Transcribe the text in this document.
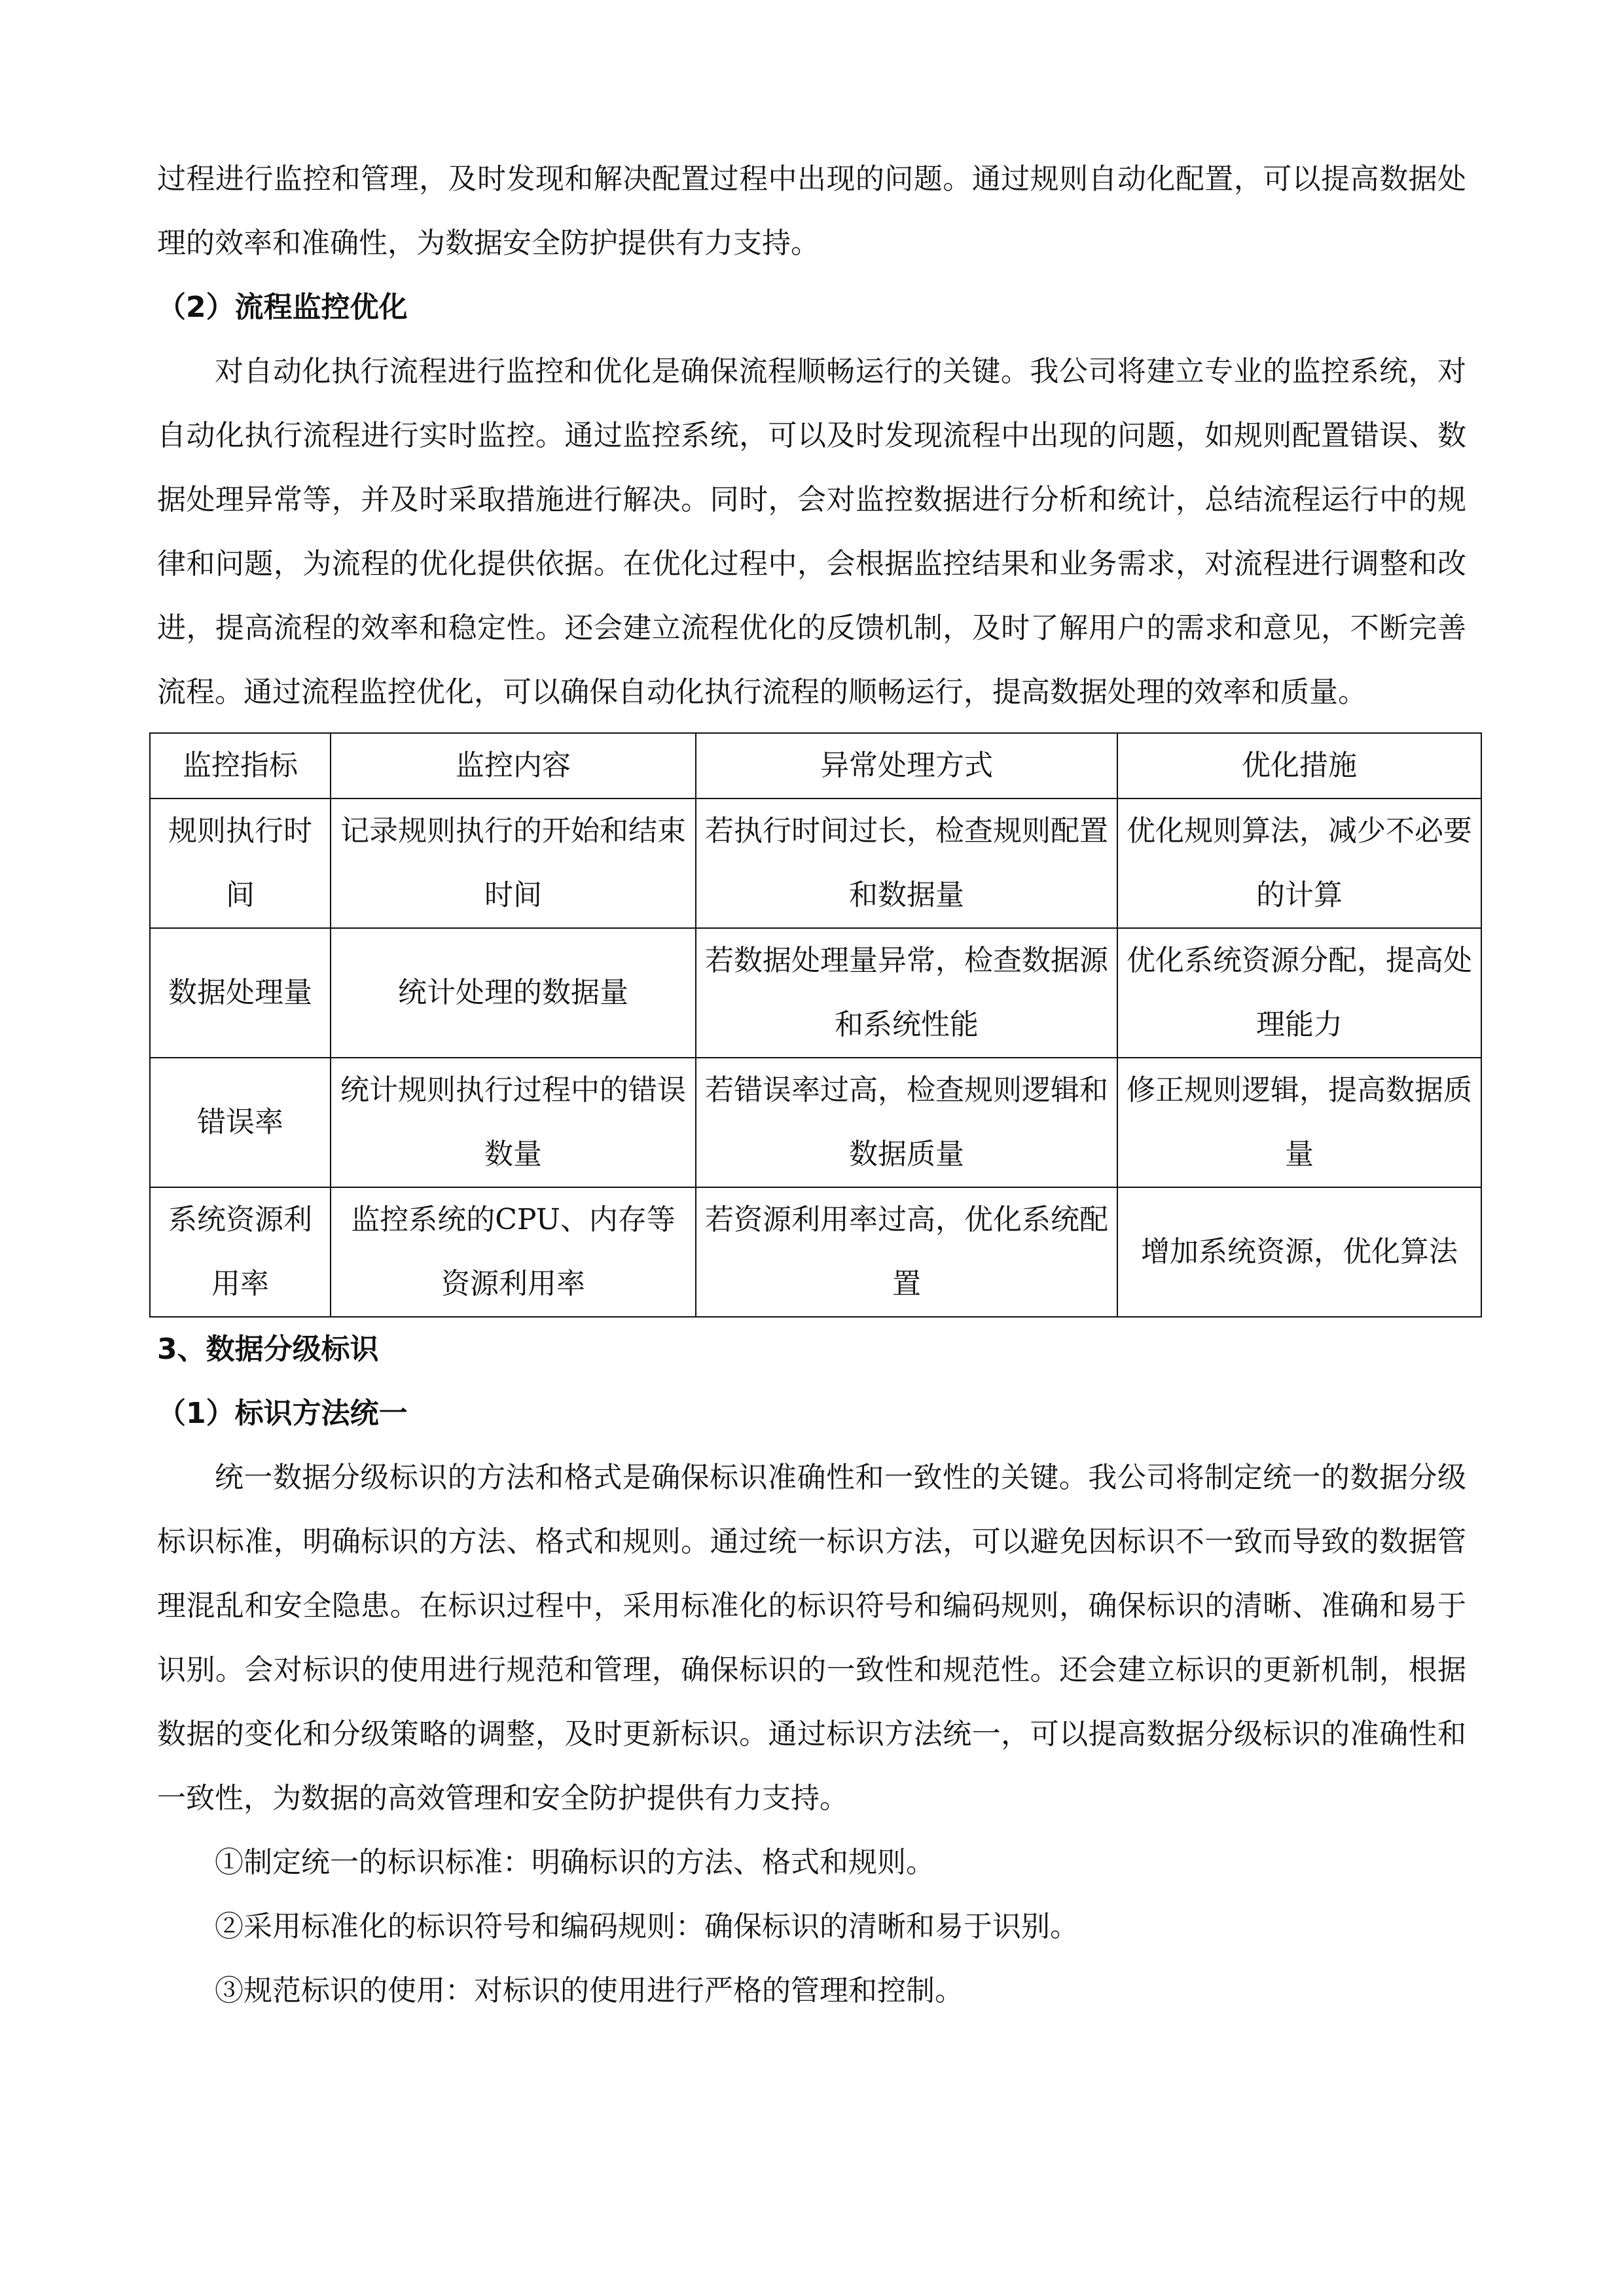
过程进行监控和管理，及时发现和解决配置过程中出现的问题。通过规则自动化配置，可以提高数据处理的效率和准确性，为数据安全防护提供有力支持。

（2）流程监控优化

对自动化执行流程进行监控和优化是确保流程顺畅运行的关键。我公司将建立专业的监控系统，对自动化执行流程进行实时监控。通过监控系统，可以及时发现流程中出现的问题，如规则配置错误、数据处理异常等，并及时采取措施进行解决。同时，会对监控数据进行分析和统计，总结流程运行中的规律和问题，为流程的优化提供依据。在优化过程中，会根据监控结果和业务需求，对流程进行调整和改进，提高流程的效率和稳定性。还会建立流程优化的反馈机制，及时了解用户的需求和意见，不断完善流程。通过流程监控优化，可以确保自动化执行流程的顺畅运行，提高数据处理的效率和质量。

监控指标	监控内容	异常处理方式	优化措施
规则执行时间	记录规则执行的开始和结束时间	若执行时间过长，检查规则配置和数据量	优化规则算法，减少不必要的计算
数据处理量	统计处理的数据量	若数据处理量异常，检查数据源和系统性能	优化系统资源分配，提高处理能力
错误率	统计规则执行过程中的错误数量	若错误率过高，检查规则逻辑和数据质量	修正规则逻辑，提高数据质量
系统资源利用率	监控系统的CPU、内存等资源利用率	若资源利用率过高，优化系统配置	增加系统资源，优化算法

3、数据分级标识

（1）标识方法统一

统一数据分级标识的方法和格式是确保标识准确性和一致性的关键。我公司将制定统一的数据分级标识标准，明确标识的方法、格式和规则。通过统一标识方法，可以避免因标识不一致而导致的数据管理混乱和安全隐患。在标识过程中，采用标准化的标识符号和编码规则，确保标识的清晰、准确和易于识别。会对标识的使用进行规范和管理，确保标识的一致性和规范性。还会建立标识的更新机制，根据数据的变化和分级策略的调整，及时更新标识。通过标识方法统一，可以提高数据分级标识的准确性和一致性，为数据的高效管理和安全防护提供有力支持。

①制定统一的标识标准：明确标识的方法、格式和规则。

②采用标准化的标识符号和编码规则：确保标识的清晰和易于识别。

③规范标识的使用：对标识的使用进行严格的管理和控制。
